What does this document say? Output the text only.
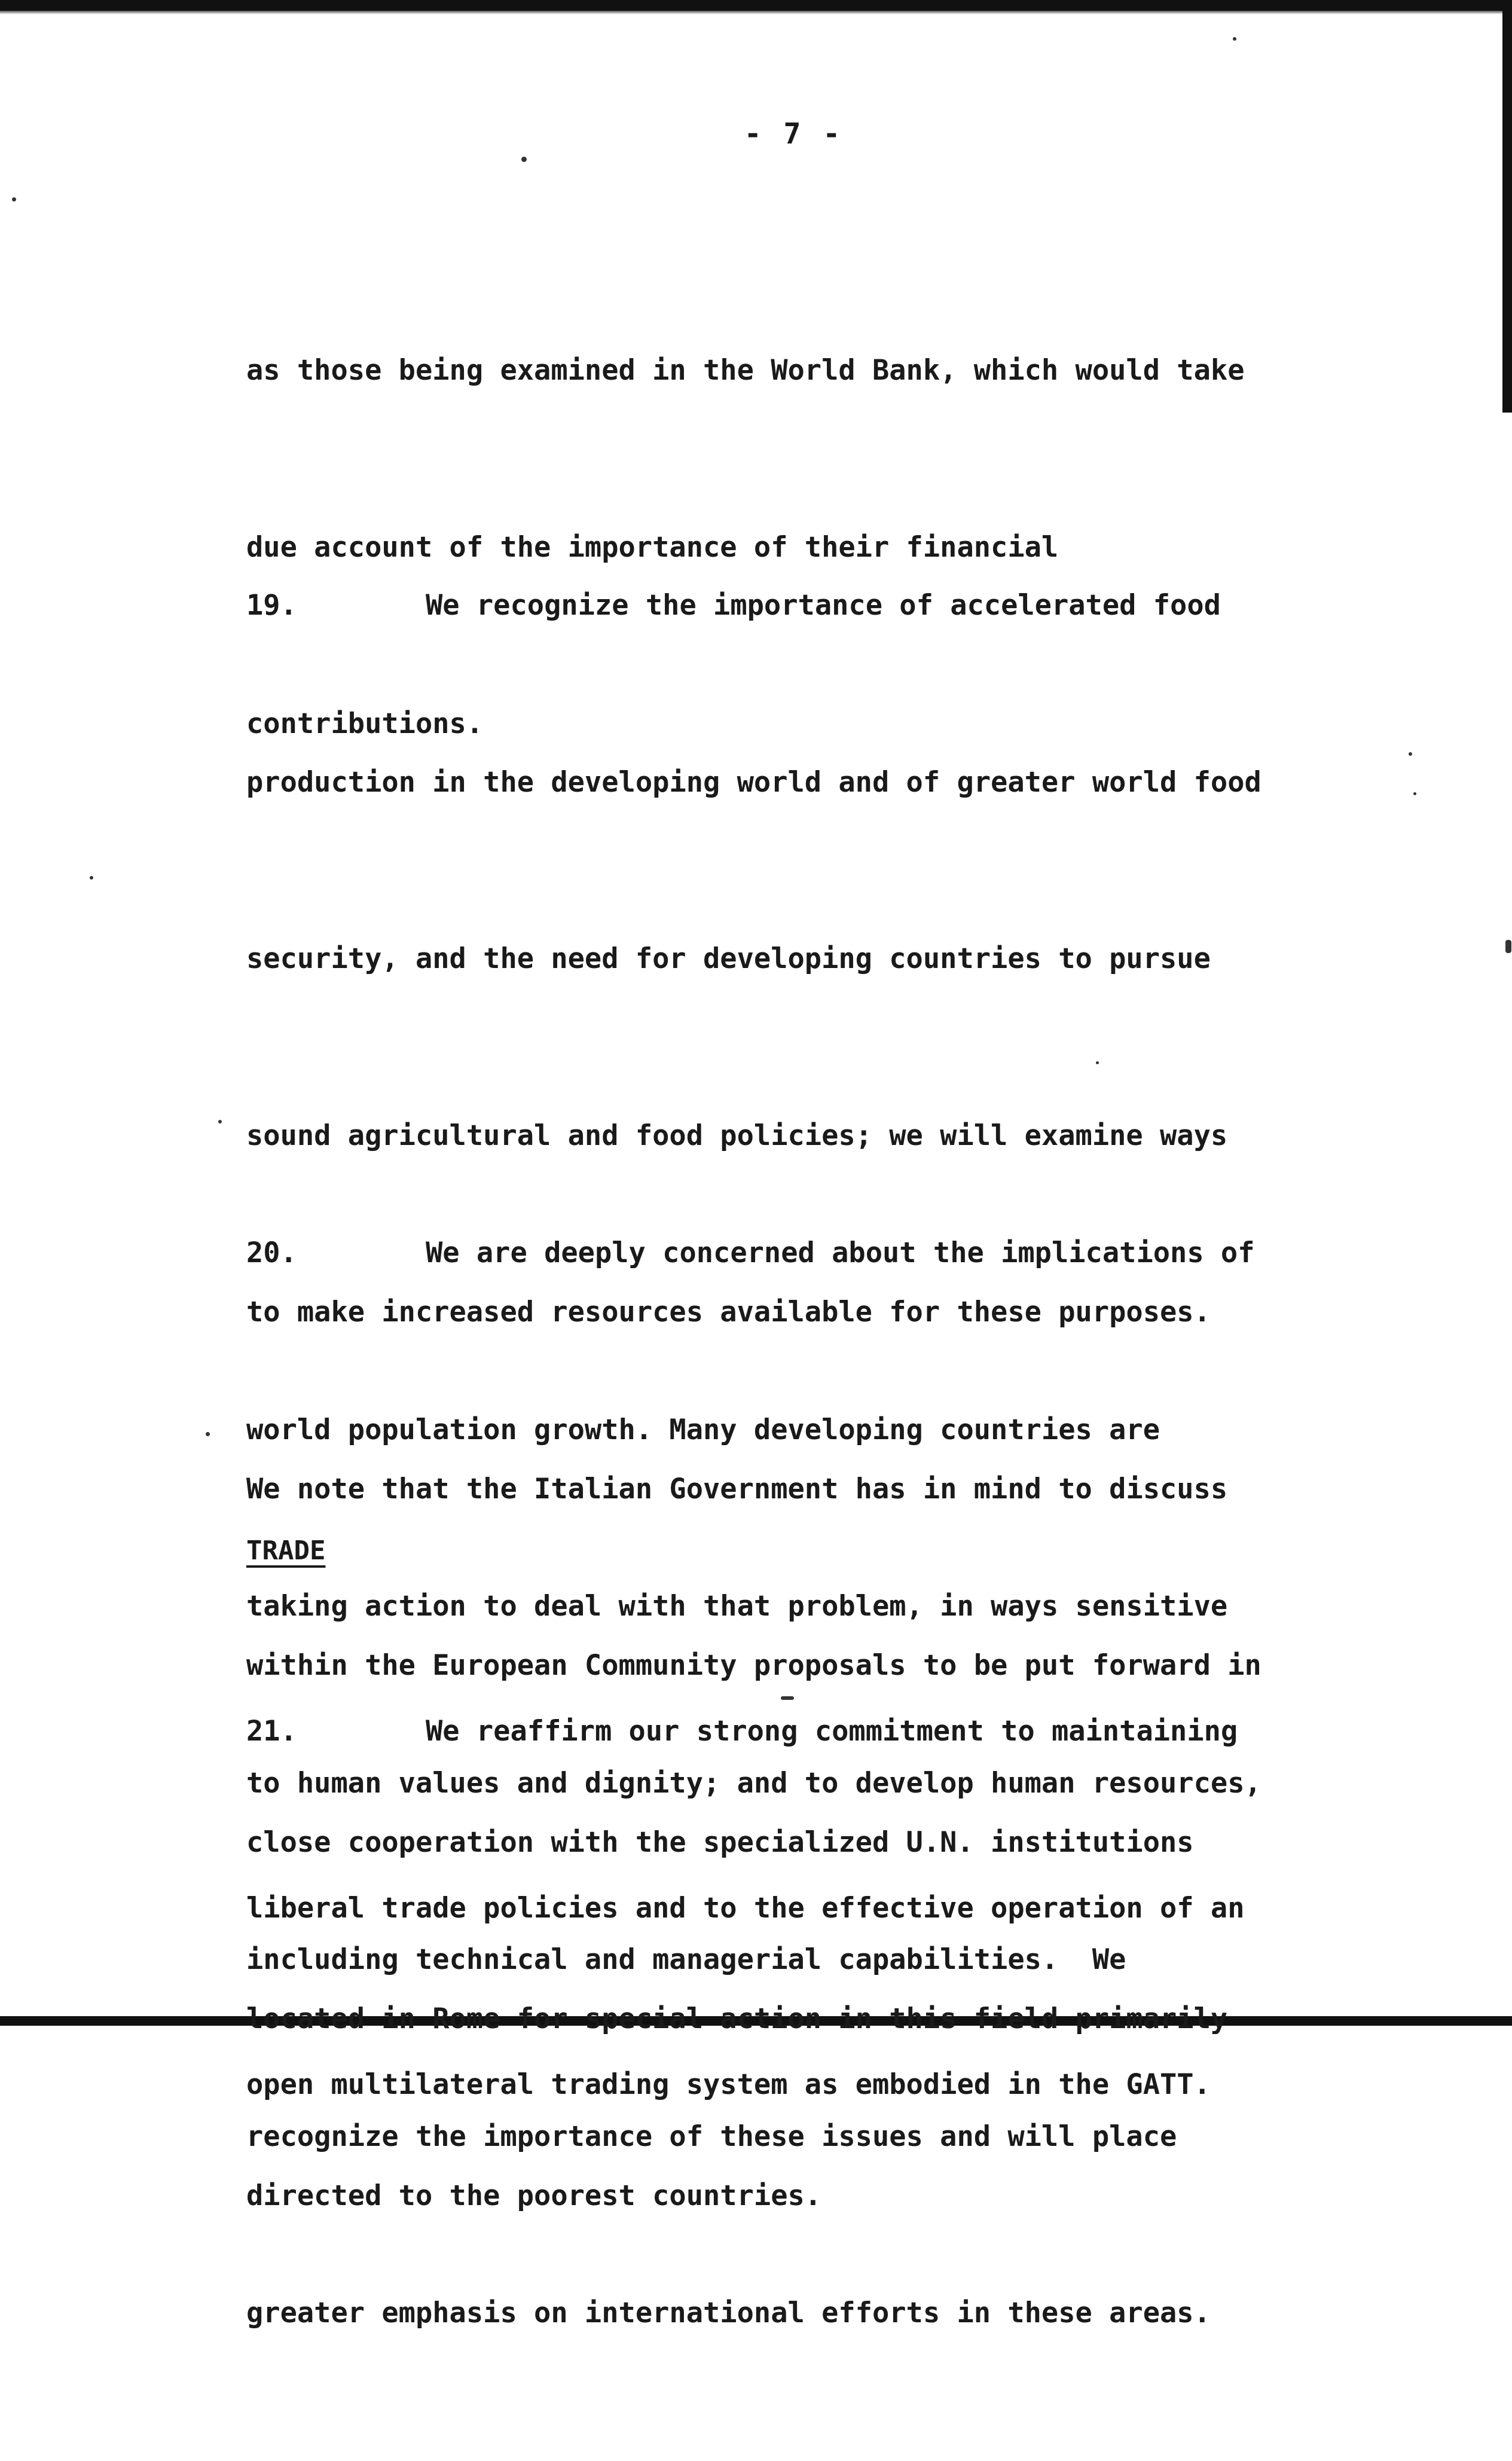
- 7 -

as those being examined in the World Bank, which would take

due account of the importance of their financial

contributions.

19.	We recognize the importance of accelerated food

production in the developing world and of greater world food

security, and the need for developing countries to pursue

sound agricultural and food policies; we will examine ways

to make increased resources available for these purposes.

We note that the Italian Government has in mind to discuss

within the European Community proposals to be put forward in

close cooperation with the specialized U.N. institutions

located in Rome for special action in this field primarily

directed to the poorest countries.

20.	We are deeply concerned about the implications of

world population growth. Many developing countries are

taking action to deal with that problem, in ways sensitive

to human values and dignity; and to develop human resources,

including technical and managerial capabilities.  We

recognize the importance of these issues and will place

greater emphasis on international efforts in these areas.

TRADE

21.	We reaffirm our strong commitment to maintaining

liberal trade policies and to the effective operation of an

open multilateral trading system as embodied in the GATT.
